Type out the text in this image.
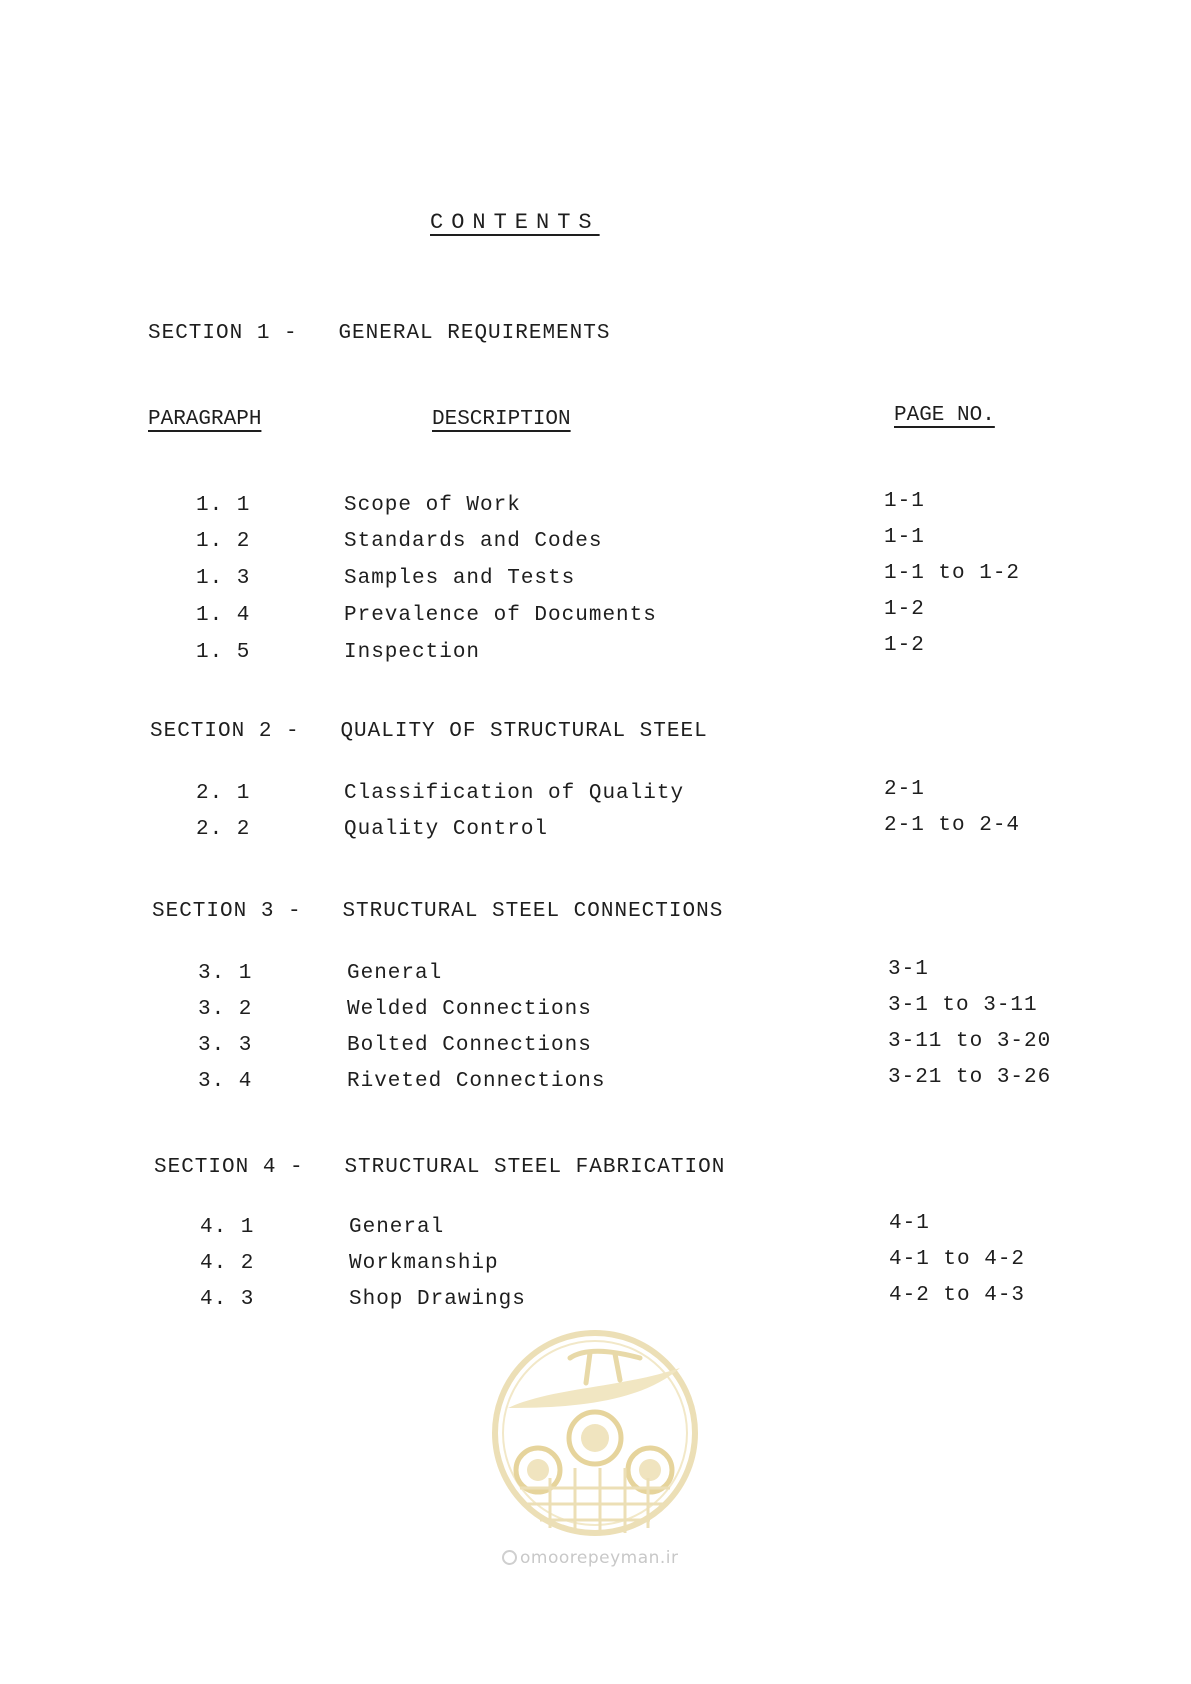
CONTENTS
SECTION 1 - GENERAL REQUIREMENTS
PARAGRAPH	DESCRIPTION	PAGE NO.
1. 1	Scope of Work	1-1
1. 2	Standards and Codes	1-1
1. 3	Samples and Tests	1-1 to 1-2
1. 4	Prevalence of Documents	1-2
1. 5	Inspection	1-2
SECTION 2 - QUALITY OF STRUCTURAL STEEL
2. 1	Classification of Quality	2-1
2. 2	Quality Control	2-1 to 2-4
SECTION 3 - STRUCTURAL STEEL CONNECTIONS
3. 1	General	3-1
3. 2	Welded Connections	3-1 to 3-11
3. 3	Bolted Connections	3-11 to 3-20
3. 4	Riveted Connections	3-21 to 3-26
SECTION 4 - STRUCTURAL STEEL FABRICATION
4. 1	General	4-1
4. 2	Workmanship	4-1 to 4-2
4. 3	Shop Drawings	4-2 to 4-3
omoorepeyman.ir
